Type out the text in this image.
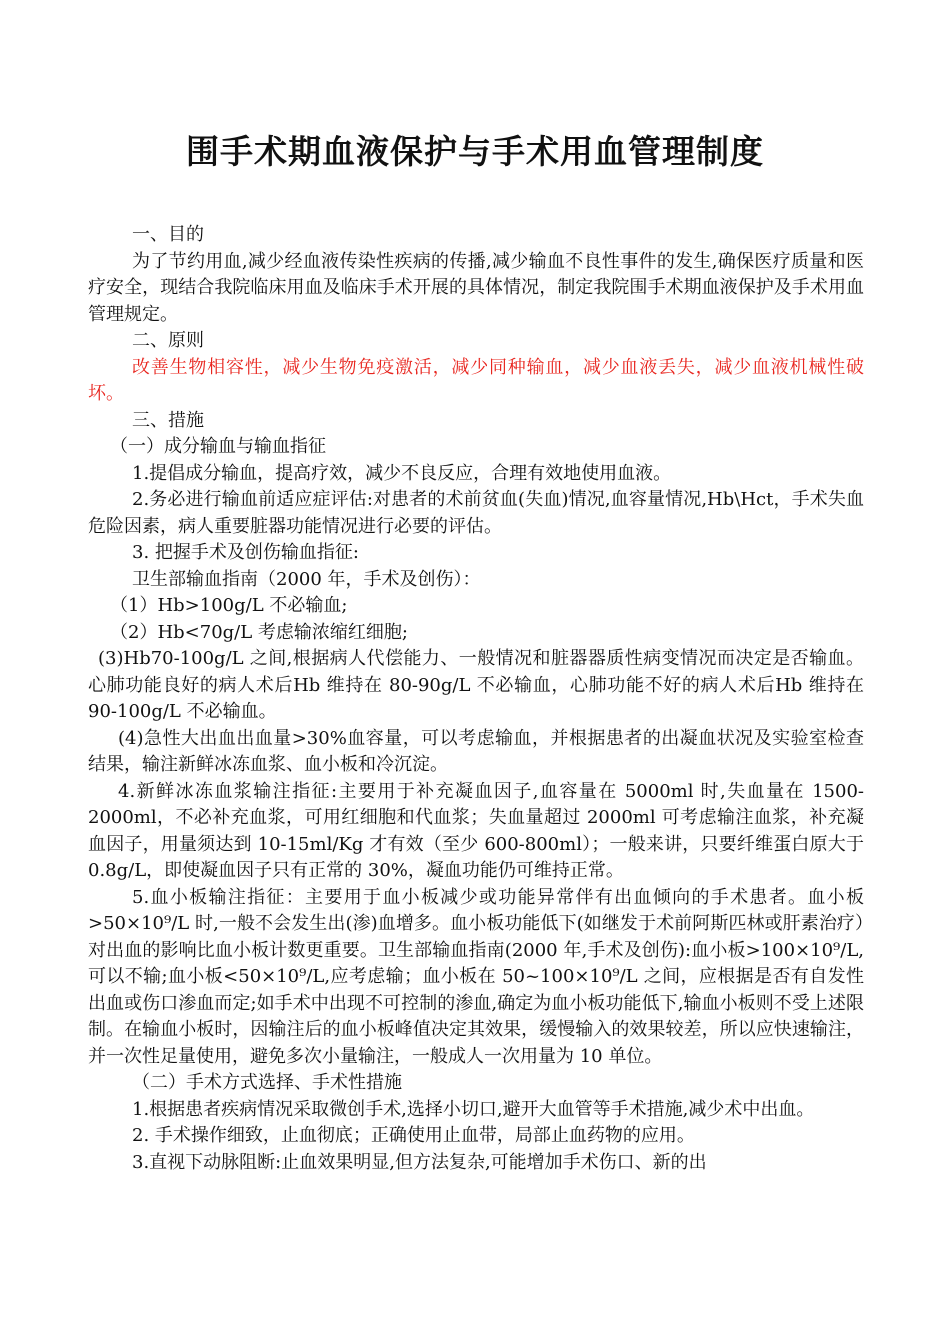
围手术期血液保护与手术用血管理制度

一、目的

为了节约用血,减少经血液传染性疾病的传播,减少输血不良性事件的发生,确保医疗质量和医疗安全，现结合我院临床用血及临床手术开展的具体情况，制定我院围手术期血液保护及手术用血管理规定。

二、原则

改善生物相容性，减少生物免疫激活，减少同种输血，减少血液丢失，减少血液机械性破坏。

三、措施

（一）成分输血与输血指征

1.提倡成分输血，提高疗效，减少不良反应，合理有效地使用血液。

2.务必进行输血前适应症评估:对患者的术前贫血(失血)情况,血容量情况,Hb\Hct，手术失血危险因素，病人重要脏器功能情况进行必要的评估。

3. 把握手术及创伤输血指征:

卫生部输血指南（2000 年，手术及创伤）：

（1）Hb>100g/L 不必输血;

（2）Hb<70g/L 考虑输浓缩红细胞;

(3)Hb70-100g/L 之间,根据病人代偿能力、一般情况和脏器器质性病变情况而决定是否输血。心肺功能良好的病人术后Hb 维持在 80-90g/L 不必输血，心肺功能不好的病人术后Hb 维持在 90-100g/L 不必输血。

(4)急性大出血出血量>30%血容量，可以考虑输血，并根据患者的出凝血状况及实验室检查结果，输注新鲜冰冻血浆、血小板和冷沉淀。

4.新鲜冰冻血浆输注指征:主要用于补充凝血因子,血容量在 5000ml 时,失血量在 1500-2000ml，不必补充血浆，可用红细胞和代血浆；失血量超过 2000ml 可考虑输注血浆，补充凝血因子，用量须达到 10-15ml/Kg 才有效（至少 600-800ml）；一般来讲，只要纤维蛋白原大于 0.8g/L，即使凝血因子只有正常的 30%，凝血功能仍可维持正常。

5.血小板输注指征：主要用于血小板减少或功能异常伴有出血倾向的手术患者。血小板>50×10⁹/L 时,一般不会发生出(渗)血增多。血小板功能低下(如继发于术前阿斯匹林或肝素治疗）对出血的影响比血小板计数更重要。卫生部输血指南(2000 年,手术及创伤):血小板>100×10⁹/L,可以不输;血小板<50×10⁹/L,应考虑输；血小板在 50~100×10⁹/L 之间，应根据是否有自发性出血或伤口渗血而定;如手术中出现不可控制的渗血,确定为血小板功能低下,输血小板则不受上述限制。在输血小板时，因输注后的血小板峰值决定其效果，缓慢输入的效果较差，所以应快速输注，并一次性足量使用，避免多次小量输注，一般成人一次用量为 10 单位。

（二）手术方式选择、手术性措施

1.根据患者疾病情况采取微创手术,选择小切口,避开大血管等手术措施,减少术中出血。

2. 手术操作细致，止血彻底；正确使用止血带，局部止血药物的应用。

3.直视下动脉阻断:止血效果明显,但方法复杂,可能增加手术伤口、新的出
